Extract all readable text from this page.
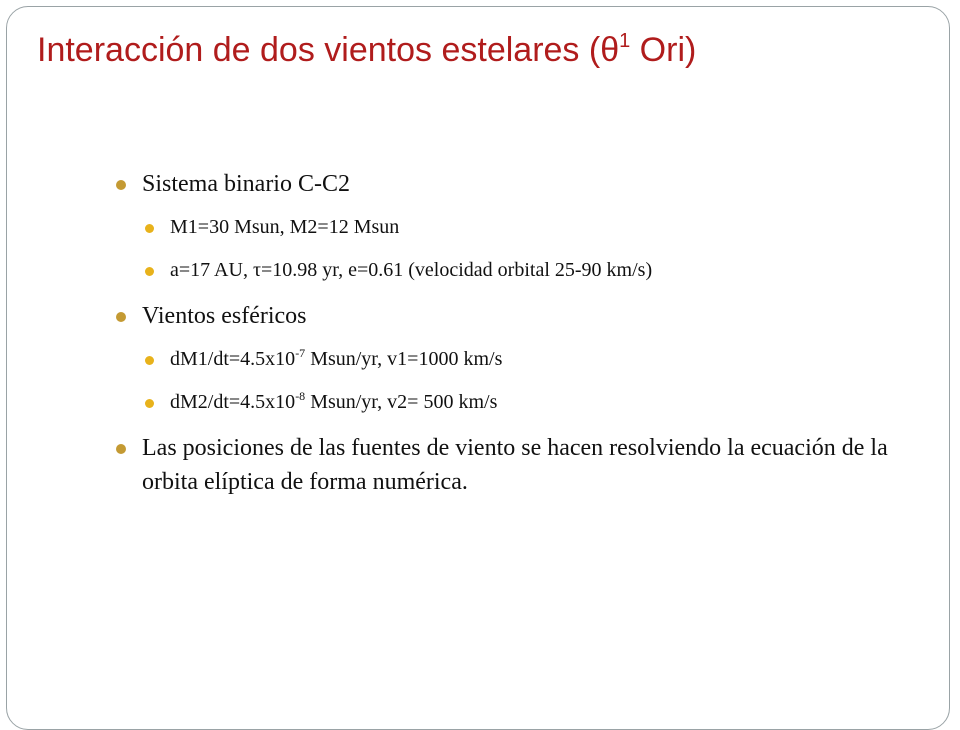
Interacción de dos vientos estelares ($\theta^1$ Ori)
Sistema binario C-C2
M1=30 Msun, M2=12 Msun
a=17 AU, τ=10.98 yr, e=0.61 (velocidad orbital 25-90 km/s)
Vientos esféricos
$dM1/dt=4.5x10^{-7}$ Msun/yr, v1=1000 km/s
$dM2/dt=4.5x10^{-8}$ Msun/yr, v2= 500 km/s
Las posiciones de las fuentes de viento se hacen resolviendo la ecuación de la orbita elíptica de forma numérica.
